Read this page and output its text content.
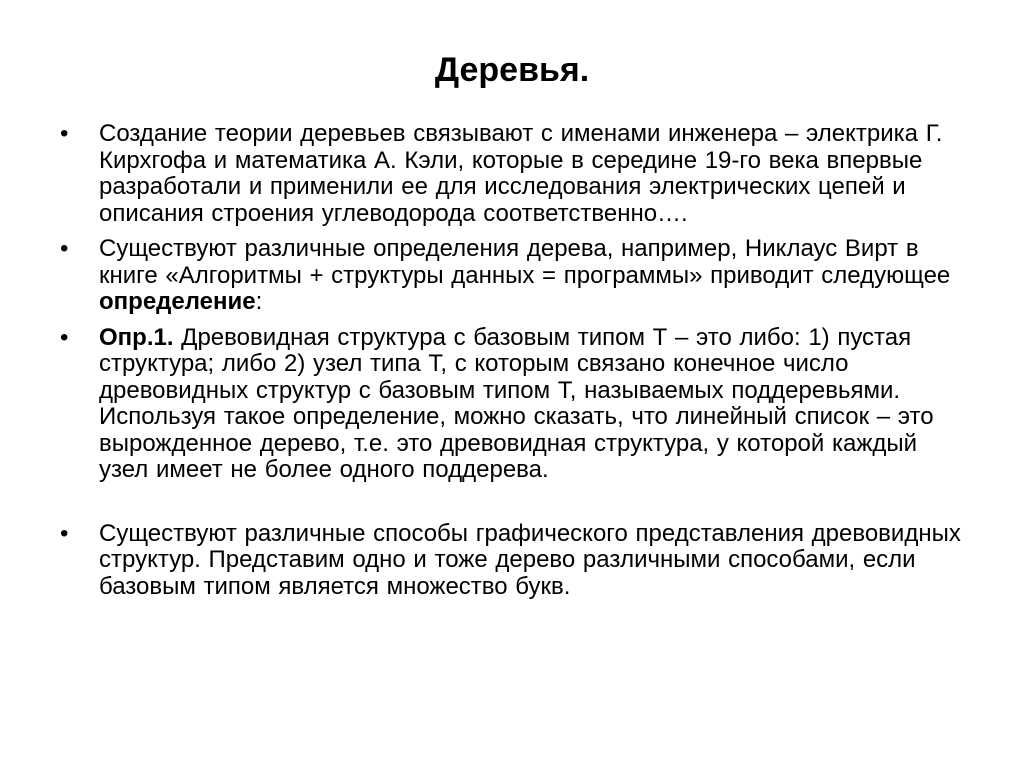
Деревья.
•	Создание теории деревьев связывают с именами инженера – электрика Г. Кирхгофа и математика А. Кэли, которые в середине 19-го века впервые разработали и применили ее для исследования электрических цепей и описания строения углеводорода соответственно….
•	Существуют различные определения дерева, например, Никлаус Вирт в книге «Алгоритмы + структуры данных = программы» приводит следующее определение:
•	Опр.1. Древовидная структура с базовым типом Т – это либо: 1) пустая структура; либо 2) узел типа Т, с которым связано конечное число древовидных структур с базовым типом Т, называемых поддеревьями. Используя такое определение, можно сказать, что линейный список – это вырожденное дерево, т.е. это древовидная структура, у которой каждый узел имеет не более одного поддерева.
•	Существуют различные способы графического представления древовидных структур. Представим одно и тоже дерево различными способами, если базовым типом является множество букв.
